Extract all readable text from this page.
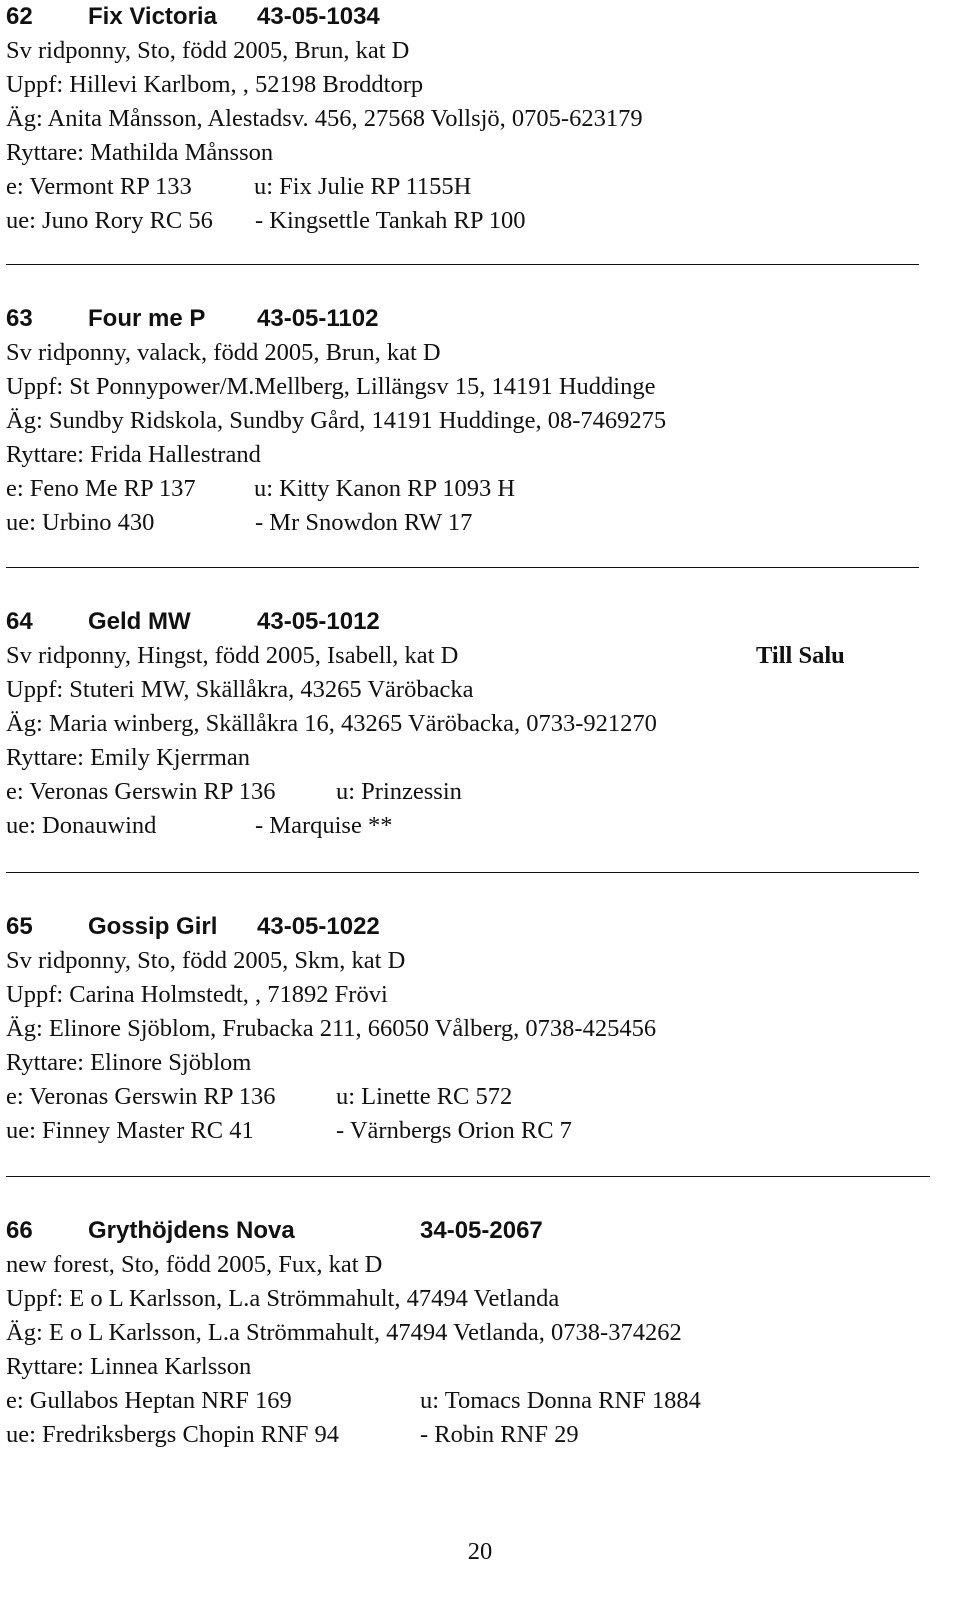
62 Fix Victoria 43-05-1034
Sv ridponny, Sto, född 2005, Brun, kat D
Uppf: Hillevi Karlbom, , 52198 Broddtorp
Äg: Anita Månsson, Alestadsv. 456, 27568 Vollsjö, 0705-623179
Ryttare: Mathilda Månsson
e: Vermont RP 133	u: Fix Julie RP 1155H
ue: Juno Rory RC 56 - Kingsettle Tankah RP 100
63 Four me P 43-05-1102
Sv ridponny, valack, född 2005, Brun, kat D
Uppf: St Ponnypower/M.Mellberg, Lillängsv 15, 14191 Huddinge
Äg: Sundby Ridskola, Sundby Gård, 14191 Huddinge, 08-7469275
Ryttare: Frida Hallestrand
e: Feno Me RP 137 u: Kitty Kanon RP 1093 H
ue: Urbino 430	- Mr Snowdon RW 17
64 Geld MW	43-05-1012
Sv ridponny, Hingst, född 2005, Isabell, kat D	Till Salu
Uppf: Stuteri MW, Skällåkra, 43265 Väröbacka
Äg: Maria winberg, Skällåkra 16, 43265 Väröbacka, 0733-921270
Ryttare: Emily Kjerrman
e: Veronas Gerswin RP 136 u: Prinzessin
ue: Donauwind	- Marquise **
65 Gossip Girl 43-05-1022
Sv ridponny, Sto, född 2005, Skm, kat D
Uppf: Carina Holmstedt, , 71892 Frövi
Äg: Elinore Sjöblom, Frubacka 211, 66050 Vålberg, 0738-425456
Ryttare: Elinore Sjöblom
e: Veronas Gerswin RP 136 u: Linette RC 572
ue: Finney Master RC 41	- Värnbergs Orion RC 7
66 Grythöjdens Nova	34-05-2067
new forest, Sto, född 2005, Fux, kat D
Uppf: E o L Karlsson, L.a Strömmahult, 47494 Vetlanda
Äg: E o L Karlsson, L.a Strömmahult, 47494 Vetlanda, 0738-374262
Ryttare: Linnea Karlsson
e: Gullabos Heptan NRF 169	u: Tomacs Donna RNF 1884
ue: Fredriksbergs Chopin RNF 94	- Robin RNF 29
20
